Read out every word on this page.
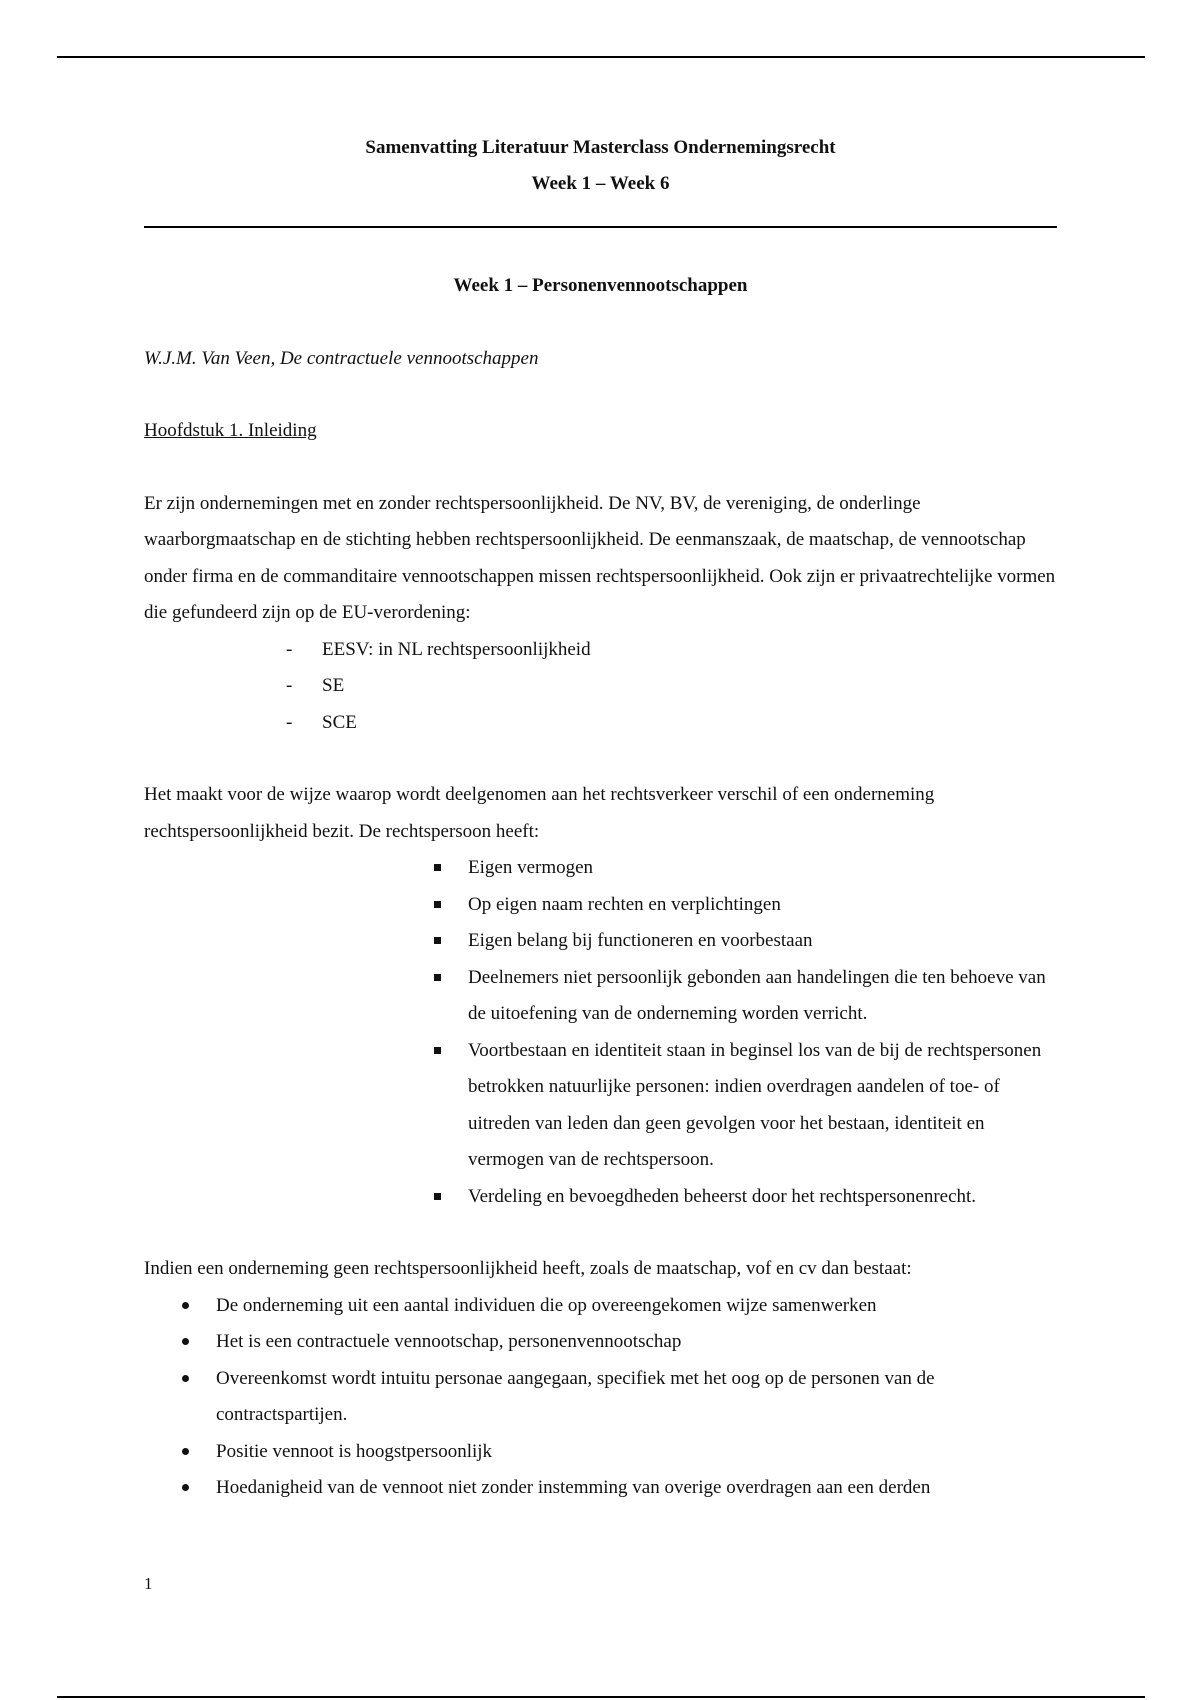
Samenvatting Literatuur Masterclass Ondernemingsrecht

Week 1 – Week 6

Week 1 – Personenvennootschappen

W.J.M. Van Veen, De contractuele vennootschappen

Hoofdstuk 1. Inleiding

Er zijn ondernemingen met en zonder rechtspersoonlijkheid. De NV, BV, de vereniging, de onderlinge waarborgmaatschap en de stichting hebben rechtspersoonlijkheid. De eenmanszaak, de maatschap, de vennootschap onder firma en de commanditaire vennootschappen missen rechtspersoonlijkheid. Ook zijn er privaatrechtelijke vormen die gefundeerd zijn op de EU-verordening:

- EESV: in NL rechtspersoonlijkheid
- SE
- SCE

Het maakt voor de wijze waarop wordt deelgenomen aan het rechtsverkeer verschil of een onderneming rechtspersoonlijkheid bezit. De rechtspersoon heeft:

Eigen vermogen
Op eigen naam rechten en verplichtingen
Eigen belang bij functioneren en voorbestaan
Deelnemers niet persoonlijk gebonden aan handelingen die ten behoeve van de uitoefening van de onderneming worden verricht.
Voortbestaan en identiteit staan in beginsel los van de bij de rechtspersonen betrokken natuurlijke personen: indien overdragen aandelen of toe- of uitreden van leden dan geen gevolgen voor het bestaan, identiteit en vermogen van de rechtspersoon.
Verdeling en bevoegdheden beheerst door het rechtspersonenrecht.

Indien een onderneming geen rechtspersoonlijkheid heeft, zoals de maatschap, vof en cv dan bestaat:

De onderneming uit een aantal individuen die op overeengekomen wijze samenwerken
Het is een contractuele vennootschap, personenvennootschap
Overeenkomst wordt intuitu personae aangegaan, specifiek met het oog op de personen van de contractspartijen.
Positie vennoot is hoogstpersoonlijk
Hoedanigheid van de vennoot niet zonder instemming van overige overdragen aan een derden
1
